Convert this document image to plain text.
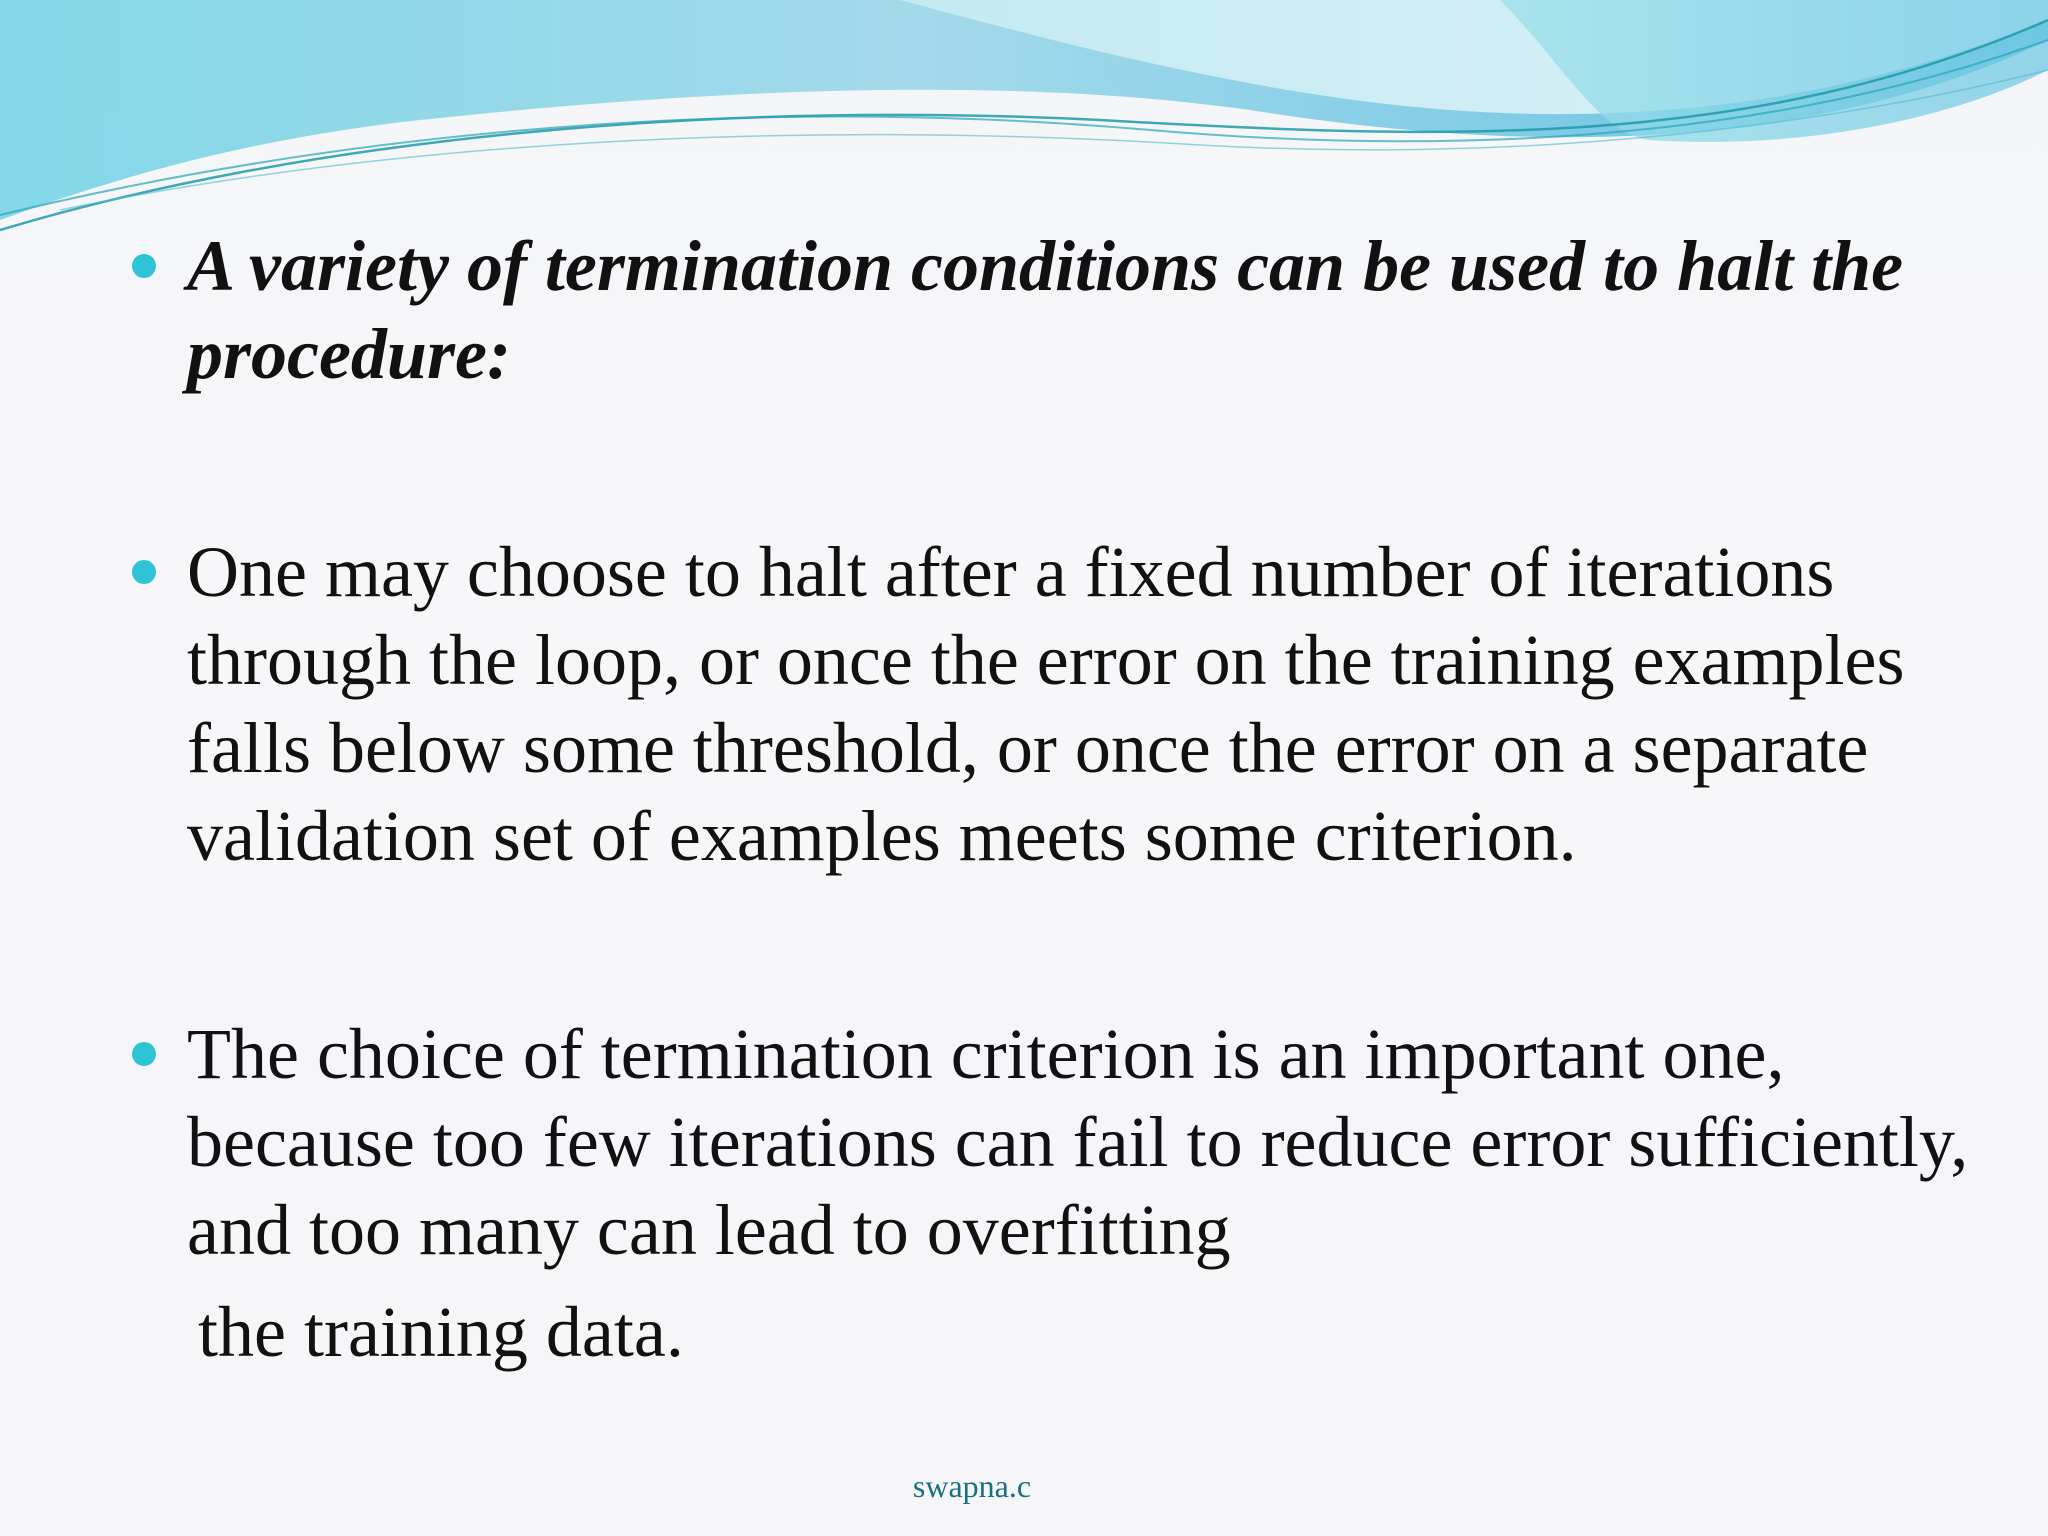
A variety of termination conditions can be used to halt the procedure:
One may choose to halt after a fixed number of iterations through the loop, or once the error on the training examples falls below some threshold, or once the error on a separate validation set of examples meets some criterion.
The choice of termination criterion is an important one, because too few iterations can fail to reduce error sufficiently, and too many can lead to overfitting

the training data.

swapna.c
